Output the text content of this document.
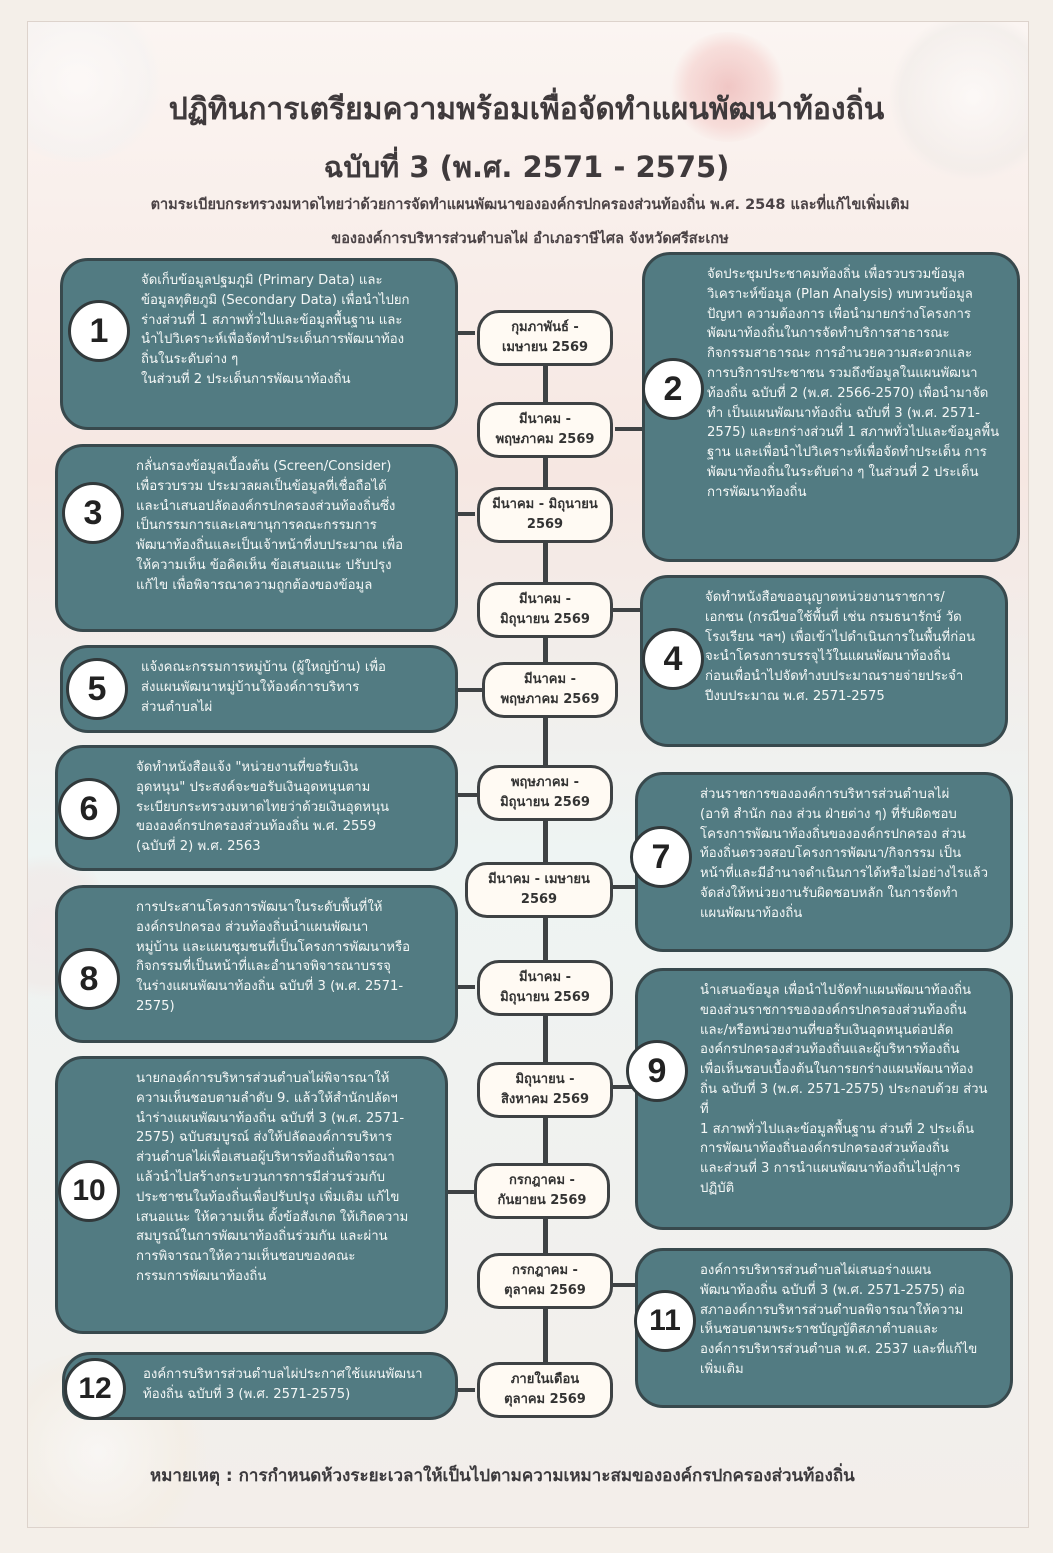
ปฏิทินการเตรียมความพร้อมเพื่อจัดทำแผนพัฒนาท้องถิ่น
ฉบับที่ 3 (พ.ศ. 2571 - 2575)
ตามระเบียบกระทรวงมหาดไทยว่าด้วยการจัดทำแผนพัฒนาขององค์กรปกครองส่วนท้องถิ่น พ.ศ. 2548 และที่แก้ไขเพิ่มเติม
ขององค์การบริหารส่วนตำบลไผ่ อำเภอราษีไศล จังหวัดศรีสะเกษ
จัดเก็บข้อมูลปฐมภูมิ (Primary Data) และ
ข้อมูลทุติยภูมิ (Secondary Data) เพื่อนำไปยก
ร่างส่วนที่ 1 สภาพทั่วไปและข้อมูลพื้นฐาน และ
นำไปวิเคราะห์เพื่อจัดทำประเด็นการพัฒนาท้อง
ถิ่นในระดับต่าง ๆ
ในส่วนที่ 2 ประเด็นการพัฒนาท้องถิ่น
1
กลั่นกรองข้อมูลเบื้องต้น (Screen/Consider)
เพื่อรวบรวม ประมวลผลเป็นข้อมูลที่เชื่อถือได้
และนำเสนอปลัดองค์กรปกครองส่วนท้องถิ่นซึ่ง
เป็นกรรมการและเลขานุการคณะกรรมการ
พัฒนาท้องถิ่นและเป็นเจ้าหน้าที่งบประมาณ เพื่อ
ให้ความเห็น ข้อคิดเห็น ข้อเสนอแนะ ปรับปรุง
แก้ไข เพื่อพิจารณาความถูกต้องของข้อมูล
3
แจ้งคณะกรรมการหมู่บ้าน (ผู้ใหญ่บ้าน) เพื่อ
ส่งแผนพัฒนาหมู่บ้านให้องค์การบริหาร
ส่วนตำบลไผ่
5
จัดทำหนังสือแจ้ง "หน่วยงานที่ขอรับเงิน
อุดหนุน" ประสงค์จะขอรับเงินอุดหนุนตาม
ระเบียบกระทรวงมหาดไทยว่าด้วยเงินอุดหนุน
ขององค์กรปกครองส่วนท้องถิ่น พ.ศ. 2559
(ฉบับที่ 2) พ.ศ. 2563
6
การประสานโครงการพัฒนาในระดับพื้นที่ให้
องค์กรปกครอง ส่วนท้องถิ่นนำแผนพัฒนา
หมู่บ้าน และแผนชุมชนที่เป็นโครงการพัฒนาหรือ
กิจกรรมที่เป็นหน้าที่และอำนาจพิจารณาบรรจุ
ในร่างแผนพัฒนาท้องถิ่น ฉบับที่ 3 (พ.ศ. 2571-
2575)
8
นายกองค์การบริหารส่วนตำบลไผ่พิจารณาให้
ความเห็นชอบตามลำดับ 9. แล้วให้สำนักปลัดฯ
นำร่างแผนพัฒนาท้องถิ่น ฉบับที่ 3 (พ.ศ. 2571-
2575) ฉบับสมบูรณ์ ส่งให้ปลัดองค์การบริหาร
ส่วนตำบลไผ่เพื่อเสนอผู้บริหารท้องถิ่นพิจารณา
แล้วนำไปสร้างกระบวนการการมีส่วนร่วมกับ
ประชาชนในท้องถิ่นเพื่อปรับปรุง เพิ่มเติม แก้ไข
เสนอแนะ ให้ความเห็น ตั้งข้อสังเกต ให้เกิดความ
สมบูรณ์ในการพัฒนาท้องถิ่นร่วมกัน และผ่าน
การพิจารณาให้ความเห็นชอบของคณะ
กรรมการพัฒนาท้องถิ่น
10
องค์การบริหารส่วนตำบลไผ่ประกาศใช้แผนพัฒนา
ท้องถิ่น ฉบับที่ 3 (พ.ศ. 2571-2575)
12
จัดประชุมประชาคมท้องถิ่น เพื่อรวบรวมข้อมูล
วิเคราะห์ข้อมูล (Plan Analysis) ทบทวนข้อมูล
ปัญหา ความต้องการ เพื่อนำมายกร่างโครงการ
พัฒนาท้องถิ่นในการจัดทำบริการสาธารณะ
กิจกรรมสาธารณะ การอำนวยความสะดวกและ
การบริการประชาชน รวมถึงข้อมูลในแผนพัฒนา
ท้องถิ่น ฉบับที่ 2 (พ.ศ. 2566-2570) เพื่อนำมาจัด
ทำ เป็นแผนพัฒนาท้องถิ่น ฉบับที่ 3 (พ.ศ. 2571-
2575) และยกร่างส่วนที่ 1 สภาพทั่วไปและข้อมูลพื้น
ฐาน และเพื่อนำไปวิเคราะห์เพื่อจัดทำประเด็น การ
พัฒนาท้องถิ่นในระดับต่าง ๆ ในส่วนที่ 2 ประเด็น
การพัฒนาท้องถิ่น
2
จัดทำหนังสือขออนุญาตหน่วยงานราชการ/
เอกชน (กรณีขอใช้พื้นที่ เช่น กรมธนารักษ์ วัด
โรงเรียน ฯลฯ) เพื่อเข้าไปดำเนินการในพื้นที่ก่อน
จะนำโครงการบรรจุไว้ในแผนพัฒนาท้องถิ่น
ก่อนเพื่อนำไปจัดทำงบประมาณรายจ่ายประจำ
ปีงบประมาณ พ.ศ. 2571-2575
4
ส่วนราชการขององค์การบริหารส่วนตำบลไผ่
(อาทิ สำนัก กอง ส่วน ฝ่ายต่าง ๆ) ที่รับผิดชอบ
โครงการพัฒนาท้องถิ่นขององค์กรปกครอง ส่วน
ท้องถิ่นตรวจสอบโครงการพัฒนา/กิจกรรม เป็น
หน้าที่และมีอำนาจดำเนินการได้หรือไม่อย่างไรแล้ว
จัดส่งให้หน่วยงานรับผิดชอบหลัก ในการจัดทำ
แผนพัฒนาท้องถิ่น
7
นำเสนอข้อมูล เพื่อนำไปจัดทำแผนพัฒนาท้องถิ่น
ของส่วนราชการขององค์กรปกครองส่วนท้องถิ่น
และ/หรือหน่วยงานที่ขอรับเงินอุดหนุนต่อปลัด
องค์กรปกครองส่วนท้องถิ่นและผู้บริหารท้องถิ่น
เพื่อเห็นชอบเบื้องต้นในการยกร่างแผนพัฒนาท้อง
ถิ่น ฉบับที่ 3 (พ.ศ. 2571-2575) ประกอบด้วย ส่วนที่
1 สภาพทั่วไปและข้อมูลพื้นฐาน ส่วนที่ 2 ประเด็น
การพัฒนาท้องถิ่นองค์กรปกครองส่วนท้องถิ่น
และส่วนที่ 3 การนำแผนพัฒนาท้องถิ่นไปสู่การ
ปฏิบัติ
9
องค์การบริหารส่วนตำบลไผ่เสนอร่างแผน
พัฒนาท้องถิ่น ฉบับที่ 3 (พ.ศ. 2571-2575) ต่อ
สภาองค์การบริหารส่วนตำบลพิจารณาให้ความ
เห็นชอบตามพระราชบัญญัติสภาตำบลและ
องค์การบริหารส่วนตำบล พ.ศ. 2537 และที่แก้ไข
เพิ่มเติม
11
กุมภาพันธ์ -
เมษายน 2569
มีนาคม -
พฤษภาคม 2569
มีนาคม - มิถุนายน
2569
มีนาคม -
มิถุนายน 2569
มีนาคม -
พฤษภาคม 2569
พฤษภาคม -
มิถุนายน 2569
มีนาคม - เมษายน
2569
มีนาคม -
มิถุนายน 2569
มิถุนายน -
สิงหาคม 2569
กรกฎาคม -
กันยายน 2569
กรกฎาคม -
ตุลาคม 2569
ภายในเดือน
ตุลาคม 2569
หมายเหตุ : การกำหนดห้วงระยะเวลาให้เป็นไปตามความเหมาะสมขององค์กรปกครองส่วนท้องถิ่น
